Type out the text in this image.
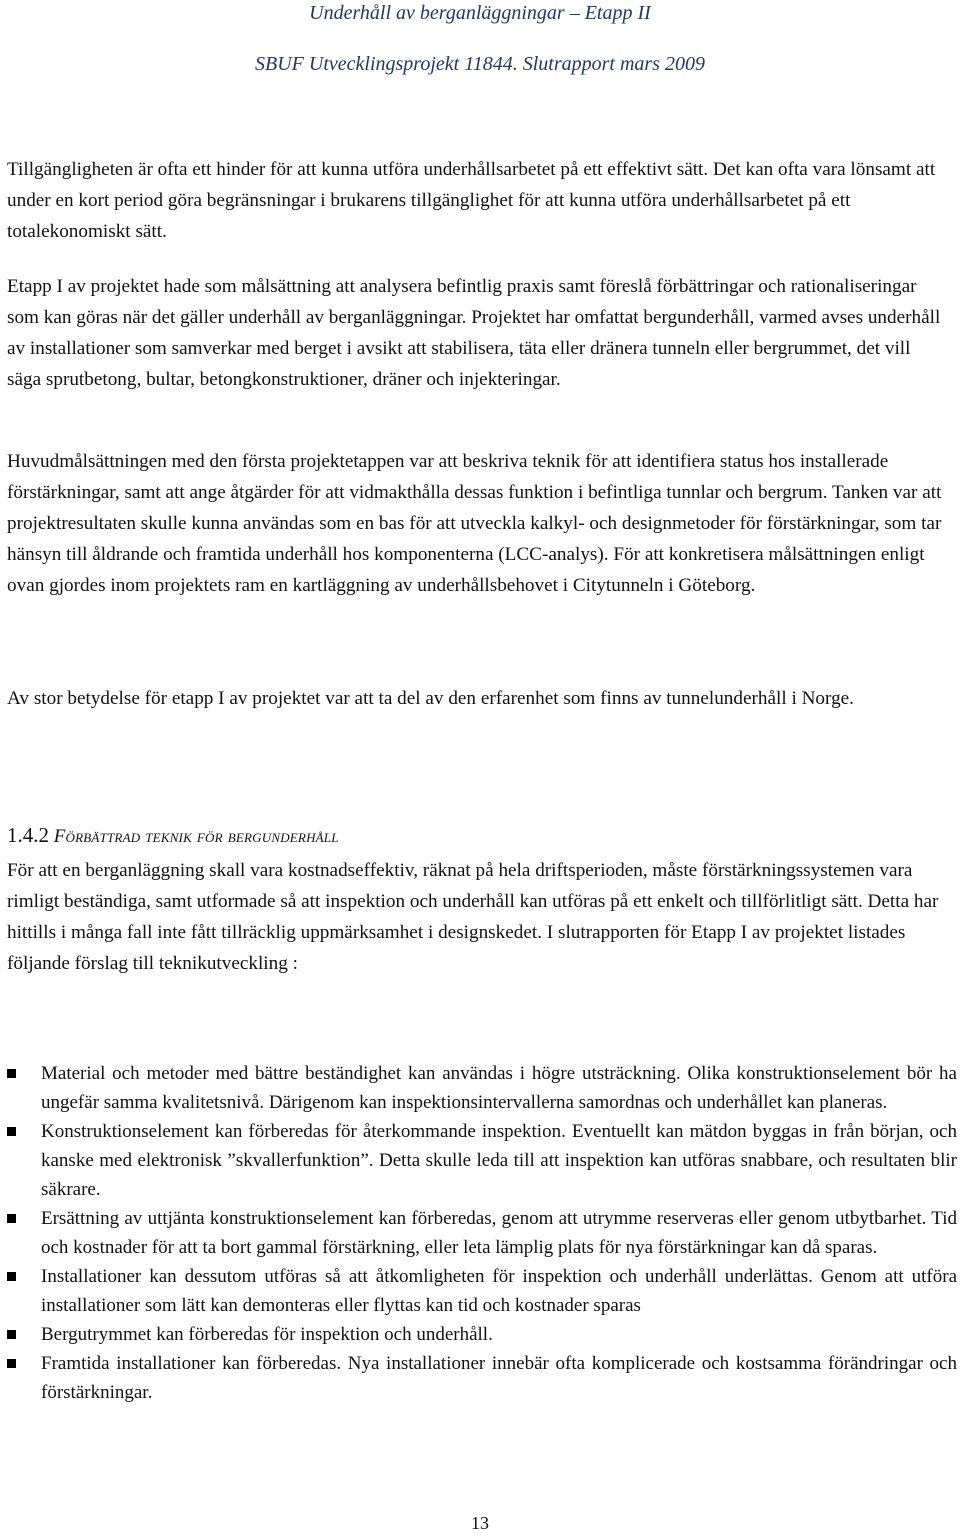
Underhåll av berganläggningar – Etapp II
SBUF Utvecklingsprojekt 11844. Slutrapport mars 2009

Tillgängligheten är ofta ett hinder för att kunna utföra underhållsarbetet på ett effektivt sätt. Det kan ofta vara lönsamt att under en kort period göra begränsningar i brukarens tillgänglighet för att kunna utföra underhållsarbetet på ett totalekonomiskt sätt.

Etapp I av projektet hade som målsättning att analysera befintlig praxis samt föreslå förbättringar och rationaliseringar som kan göras när det gäller underhåll av berganläggningar. Projektet har omfattat bergunderhåll, varmed avses underhåll av installationer som samverkar med berget i avsikt att stabilisera, täta eller dränera tunneln eller bergrummet, det vill säga sprutbetong, bultar, betongkonstruktioner, dräner och injekteringar.

Huvudmålsättningen med den första projektetappen var att beskriva teknik för att identifiera status hos installerade förstärkningar, samt att ange åtgärder för att vidmakthålla dessas funktion i befintliga tunnlar och bergrum. Tanken var att projektresultaten skulle kunna användas som en bas för att utveckla kalkyl- och designmetoder för förstärkningar, som tar hänsyn till åldrande och framtida underhåll hos komponenterna (LCC-analys). För att konkretisera målsättningen enligt ovan gjordes inom projektets ram en kartläggning av underhållsbehovet i Citytunneln i Göteborg.

Av stor betydelse för etapp I av projektet var att ta del av den erfarenhet som finns av tunnelunderhåll i Norge.

1.4.2 Förbättrad teknik för bergunderhåll

För att en berganläggning skall vara kostnadseffektiv, räknat på hela driftsperioden, måste förstärkningssystemen vara rimligt beständiga, samt utformade så att inspektion och underhåll kan utföras på ett enkelt och tillförlitligt sätt. Detta har hittills i många fall inte fått tillräcklig uppmärksamhet i designskedet. I slutrapporten för Etapp I av projektet listades följande förslag till teknikutveckling :

Material och metoder med bättre beständighet kan användas i högre utsträckning. Olika konstruktionselement bör ha ungefär samma kvalitetsnivå. Därigenom kan inspektionsintervallerna samordnas och underhållet kan planeras.
Konstruktionselement kan förberedas för återkommande inspektion. Eventuellt kan mätdon byggas in från början, och kanske med elektronisk ”skvallerfunktion”. Detta skulle leda till att inspektion kan utföras snabbare, och resultaten blir säkrare.
Ersättning av uttjänta konstruktionselement kan förberedas, genom att utrymme reserveras eller genom utbytbarhet. Tid och kostnader för att ta bort gammal förstärkning, eller leta lämplig plats för nya förstärkningar kan då sparas.
Installationer kan dessutom utföras så att åtkomligheten för inspektion och underhåll underlättas. Genom att utföra installationer som lätt kan demonteras eller flyttas kan tid och kostnader sparas
Bergutrymmet kan förberedas för inspektion och underhåll.
Framtida installationer kan förberedas. Nya installationer innebär ofta komplicerade och kostsamma förändringar och förstärkningar.
13
